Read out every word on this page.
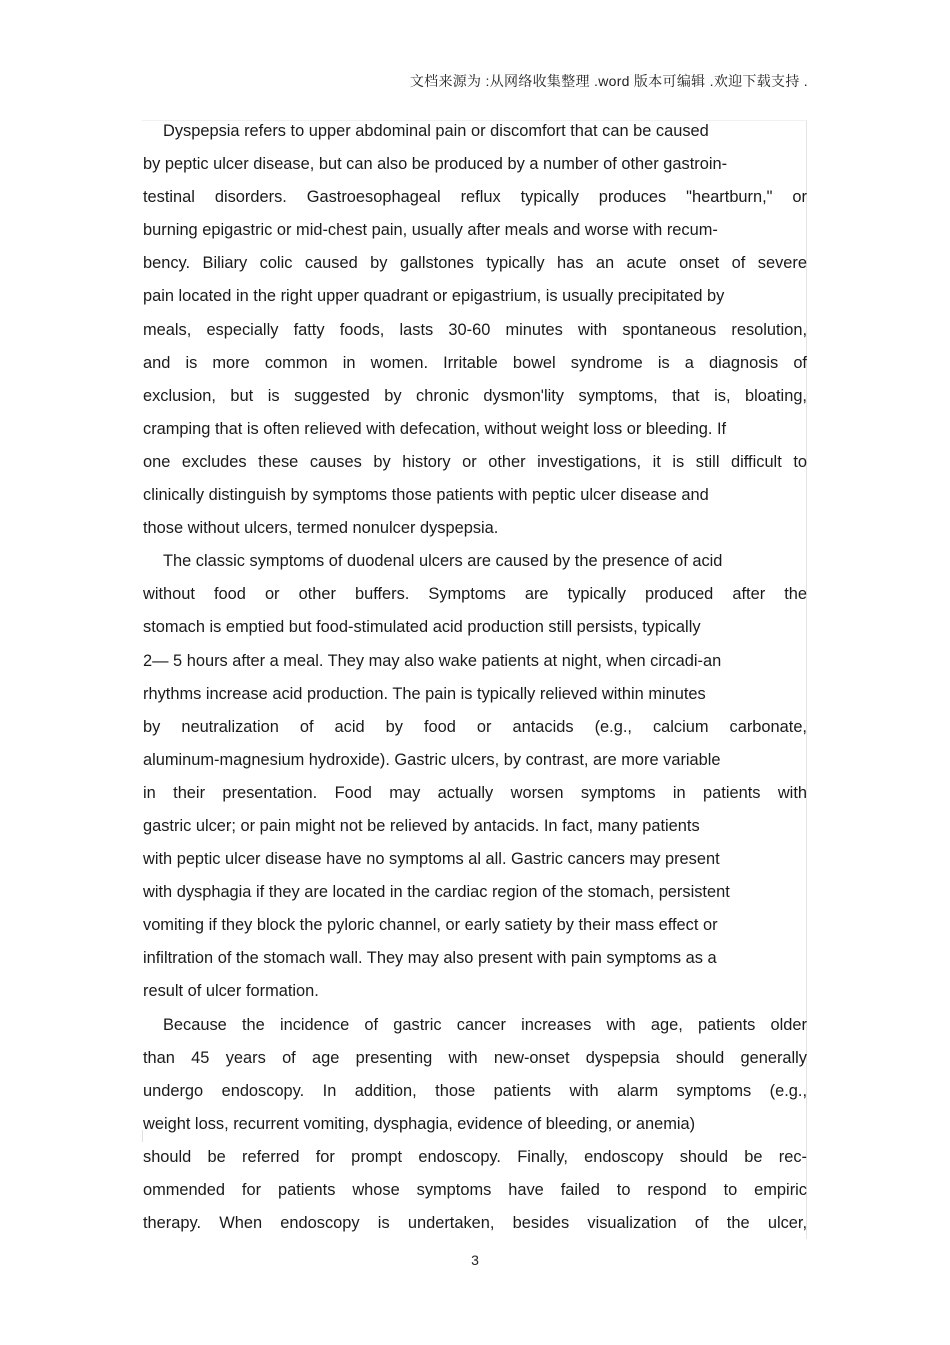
文档来源为 :从网络收集整理 .word 版本可编辑 .欢迎下载支持 .
Dyspepsia refers to upper abdominal pain or discomfort that can be caused
by peptic ulcer disease, but can also be produced by a number of other gastroin-
testinal disorders. Gastroesophageal reflux typically produces "heartburn," or
burning epigastric or mid-chest pain, usually after meals and worse with recum-
bency. Biliary colic caused by gallstones typically has an acute onset of severe
pain located in the right upper quadrant or epigastrium, is usually precipitated by
meals, especially fatty foods, lasts 30-60 minutes with spontaneous resolution,
and is more common in women. Irritable bowel syndrome is a diagnosis of
exclusion, but is suggested by chronic dysmon'lity symptoms, that is, bloating,
cramping that is often relieved with defecation, without weight loss or bleeding. If
one excludes these causes by history or other investigations, it is still difficult to
clinically distinguish by symptoms those patients with peptic ulcer disease and
those without ulcers, termed nonulcer dyspepsia.
The classic symptoms of duodenal ulcers are caused by the presence of acid
without food or other buffers. Symptoms are typically produced after the
stomach is emptied but food-stimulated acid production still persists, typically
2— 5 hours after a meal. They may also wake patients at night, when circadi-an
rhythms increase acid production. The pain is typically relieved within minutes
by neutralization of acid by food or antacids (e.g., calcium carbonate,
aluminum-magnesium hydroxide). Gastric ulcers, by contrast, are more variable
in their presentation. Food may actually worsen symptoms in patients with
gastric ulcer; or pain might not be relieved by antacids. In fact, many patients
with peptic ulcer disease have no symptoms al all. Gastric cancers may present
with dysphagia if they are located in the cardiac region of the stomach, persistent
vomiting if they block the pyloric channel, or early satiety by their mass effect or
infiltration of the stomach wall. They may also present with pain symptoms as a
result of ulcer formation.
Because the incidence of gastric cancer increases with age, patients older
than 45 years of age presenting with new-onset dyspepsia should generally
undergo endoscopy. In addition, those patients with alarm symptoms (e.g.,
weight loss, recurrent vomiting, dysphagia, evidence of bleeding, or anemia)
should be referred for prompt endoscopy. Finally, endoscopy should be rec-
ommended for patients whose symptoms have failed to respond to empiric
therapy. When endoscopy is undertaken, besides visualization of the ulcer,
3
